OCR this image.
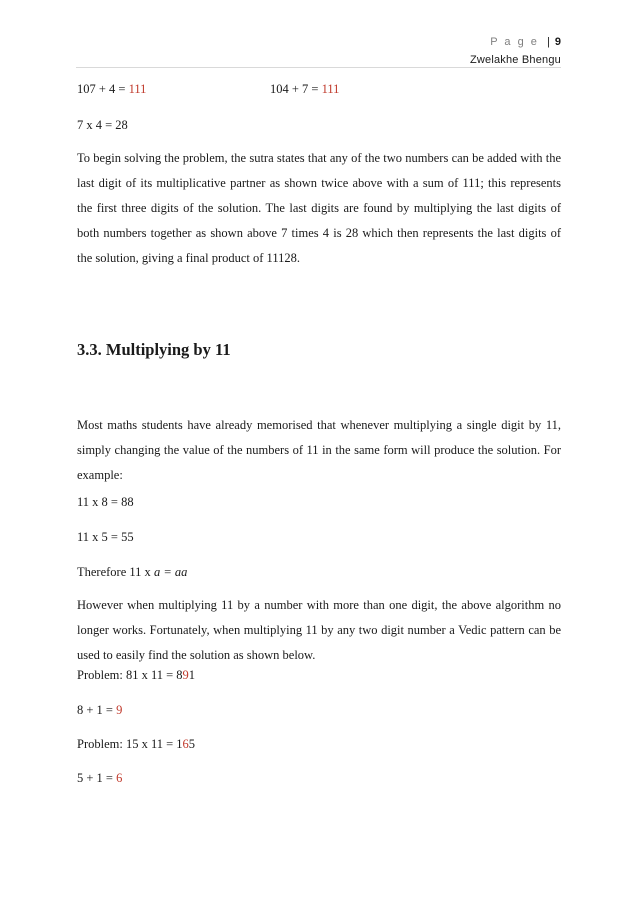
P a g e | 9
Zwelakhe Bhengu
107 + 4 = 111	104 + 7 = 111
7 x 4 = 28
To begin solving the problem, the sutra states that any of the two numbers can be added with the last digit of its multiplicative partner as shown twice above with a sum of 111; this represents the first three digits of the solution. The last digits are found by multiplying the last digits of both numbers together as shown above 7 times 4 is 28 which then represents the last digits of the solution, giving a final product of 11128.
3.3. Multiplying by 11
Most maths students have already memorised that whenever multiplying a single digit by 11, simply changing the value of the numbers of 11 in the same form will produce the solution. For example:
11 x 8 = 88
11 x 5 = 55
Therefore 11 x a = aa
However when multiplying 11 by a number with more than one digit, the above algorithm no longer works. Fortunately, when multiplying 11 by any two digit number a Vedic pattern can be used to easily find the solution as shown below.
Problem: 81 x 11 = 891
8 + 1 = 9
Problem: 15 x 11 = 165
5 + 1 = 6
